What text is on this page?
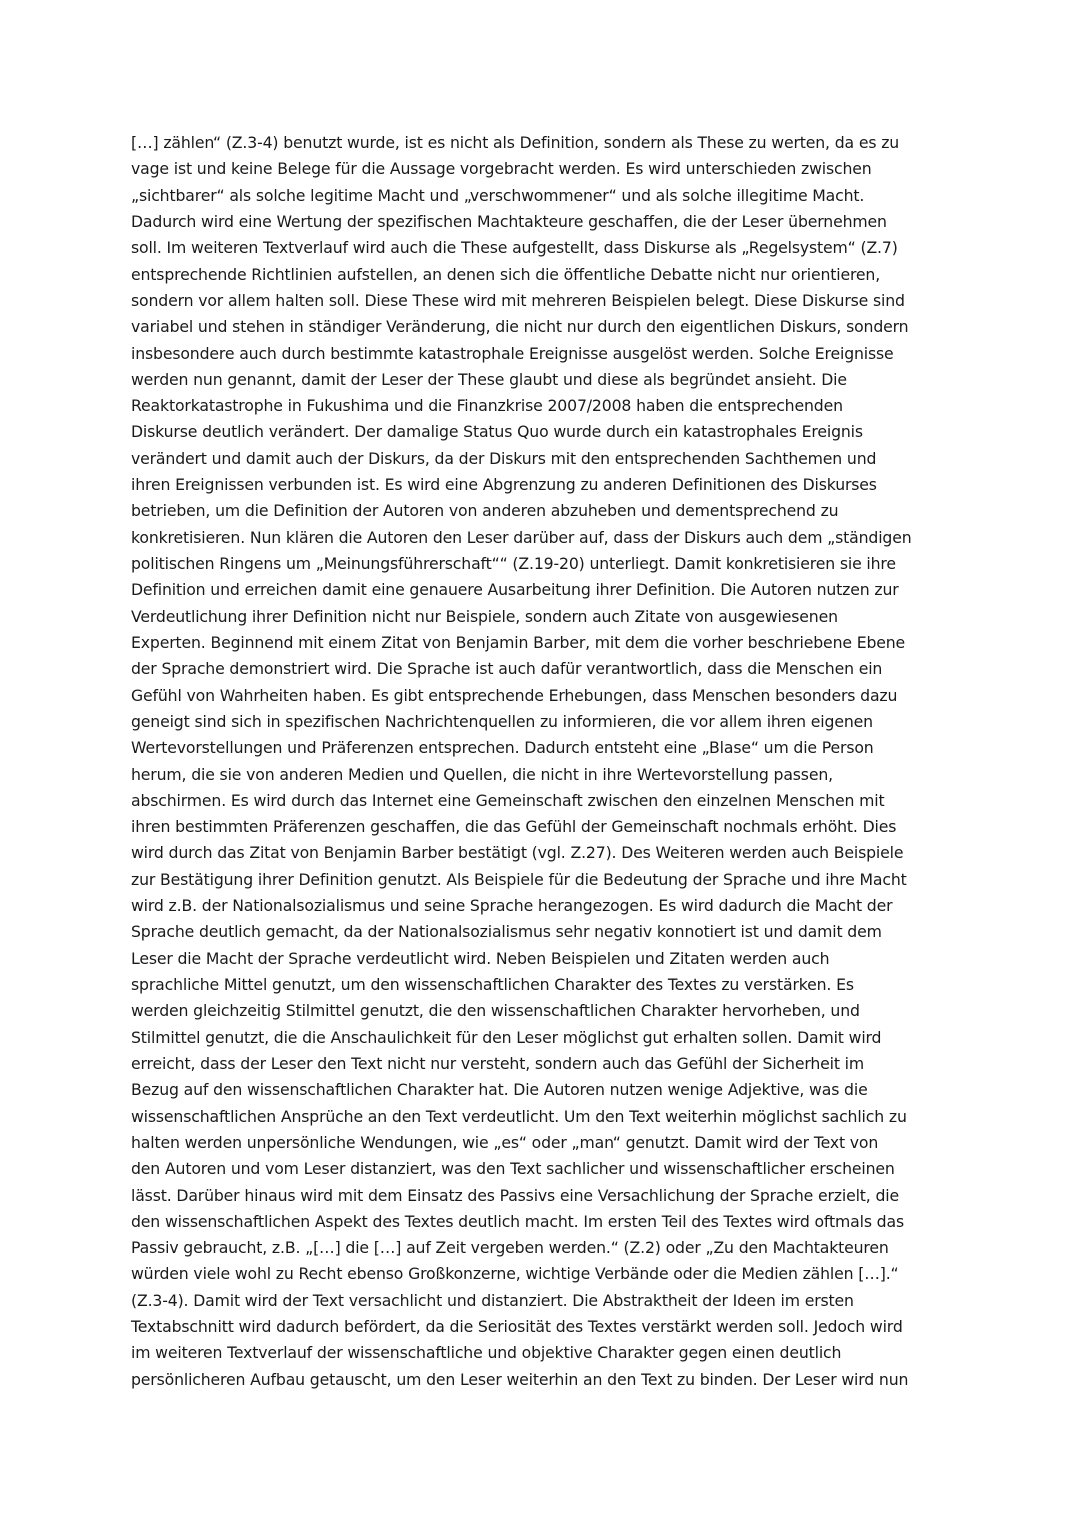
[…] zählen“ (Z.3-4) benutzt wurde, ist es nicht als Definition, sondern als These zu werten, da es zu
vage ist und keine Belege für die Aussage vorgebracht werden. Es wird unterschieden zwischen
„sichtbarer“ als solche legitime Macht und „verschwommener“ und als solche illegitime Macht.
Dadurch wird eine Wertung der spezifischen Machtakteure geschaffen, die der Leser übernehmen
soll. Im weiteren Textverlauf wird auch die These aufgestellt, dass Diskurse als „Regelsystem“ (Z.7)
entsprechende Richtlinien aufstellen, an denen sich die öffentliche Debatte nicht nur orientieren,
sondern vor allem halten soll. Diese These wird mit mehreren Beispielen belegt. Diese Diskurse sind
variabel und stehen in ständiger Veränderung, die nicht nur durch den eigentlichen Diskurs, sondern
insbesondere auch durch bestimmte katastrophale Ereignisse ausgelöst werden. Solche Ereignisse
werden nun genannt, damit der Leser der These glaubt und diese als begründet ansieht. Die
Reaktorkatastrophe in Fukushima und die Finanzkrise 2007/2008 haben die entsprechenden
Diskurse deutlich verändert. Der damalige Status Quo wurde durch ein katastrophales Ereignis
verändert und damit auch der Diskurs, da der Diskurs mit den entsprechenden Sachthemen und
ihren Ereignissen verbunden ist. Es wird eine Abgrenzung zu anderen Definitionen des Diskurses
betrieben, um die Definition der Autoren von anderen abzuheben und dementsprechend zu
konkretisieren. Nun klären die Autoren den Leser darüber auf, dass der Diskurs auch dem „ständigen
politischen Ringens um „Meinungsführerschaft““ (Z.19-20) unterliegt. Damit konkretisieren sie ihre
Definition und erreichen damit eine genauere Ausarbeitung ihrer Definition. Die Autoren nutzen zur
Verdeutlichung ihrer Definition nicht nur Beispiele, sondern auch Zitate von ausgewiesenen
Experten. Beginnend mit einem Zitat von Benjamin Barber, mit dem die vorher beschriebene Ebene
der Sprache demonstriert wird. Die Sprache ist auch dafür verantwortlich, dass die Menschen ein
Gefühl von Wahrheiten haben. Es gibt entsprechende Erhebungen, dass Menschen besonders dazu
geneigt sind sich in spezifischen Nachrichtenquellen zu informieren, die vor allem ihren eigenen
Wertevorstellungen und Präferenzen entsprechen. Dadurch entsteht eine „Blase“ um die Person
herum, die sie von anderen Medien und Quellen, die nicht in ihre Wertevorstellung passen,
abschirmen. Es wird durch das Internet eine Gemeinschaft zwischen den einzelnen Menschen mit
ihren bestimmten Präferenzen geschaffen, die das Gefühl der Gemeinschaft nochmals erhöht. Dies
wird durch das Zitat von Benjamin Barber bestätigt (vgl. Z.27). Des Weiteren werden auch Beispiele
zur Bestätigung ihrer Definition genutzt. Als Beispiele für die Bedeutung der Sprache und ihre Macht
wird z.B. der Nationalsozialismus und seine Sprache herangezogen. Es wird dadurch die Macht der
Sprache deutlich gemacht, da der Nationalsozialismus sehr negativ konnotiert ist und damit dem
Leser die Macht der Sprache verdeutlicht wird. Neben Beispielen und Zitaten werden auch
sprachliche Mittel genutzt, um den wissenschaftlichen Charakter des Textes zu verstärken. Es
werden gleichzeitig Stilmittel genutzt, die den wissenschaftlichen Charakter hervorheben, und
Stilmittel genutzt, die die Anschaulichkeit für den Leser möglichst gut erhalten sollen. Damit wird
erreicht, dass der Leser den Text nicht nur versteht, sondern auch das Gefühl der Sicherheit im
Bezug auf den wissenschaftlichen Charakter hat. Die Autoren nutzen wenige Adjektive, was die
wissenschaftlichen Ansprüche an den Text verdeutlicht. Um den Text weiterhin möglichst sachlich zu
halten werden unpersönliche Wendungen, wie „es“ oder „man“ genutzt. Damit wird der Text von
den Autoren und vom Leser distanziert, was den Text sachlicher und wissenschaftlicher erscheinen
lässt. Darüber hinaus wird mit dem Einsatz des Passivs eine Versachlichung der Sprache erzielt, die
den wissenschaftlichen Aspekt des Textes deutlich macht. Im ersten Teil des Textes wird oftmals das
Passiv gebraucht, z.B. „[…] die […] auf Zeit vergeben werden.“ (Z.2) oder „Zu den Machtakteuren
würden viele wohl zu Recht ebenso Großkonzerne, wichtige Verbände oder die Medien zählen […].“
(Z.3-4). Damit wird der Text versachlicht und distanziert. Die Abstraktheit der Ideen im ersten
Textabschnitt wird dadurch befördert, da die Seriosität des Textes verstärkt werden soll. Jedoch wird
im weiteren Textverlauf der wissenschaftliche und objektive Charakter gegen einen deutlich
persönlicheren Aufbau getauscht, um den Leser weiterhin an den Text zu binden. Der Leser wird nun
